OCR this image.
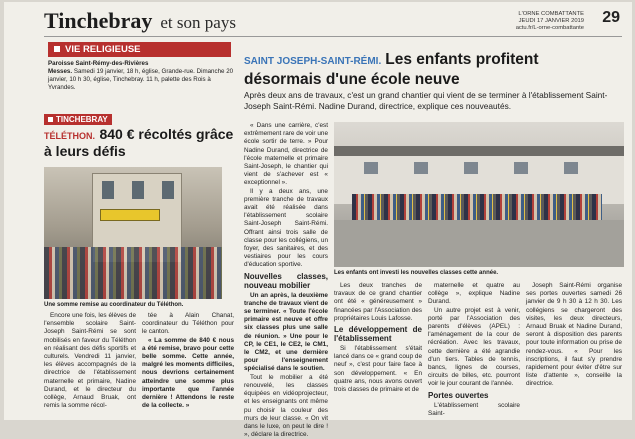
Tinchebray et son pays	L'ORNE COMBATTANTE
JEUDI 17 JANVIER 2019
actu.fr/L-orne-combattante
29
VIE RELIGIEUSE
Paroisse Saint-Rémy-des-Rivières
Messes. Samedi 19 janvier, 18 h, église, Grande-rue. Dimanche 20 janvier, 10 h 30, église, Tinchebray. 11 h, palette des Rois à Yvrandes.
TINCHEBRAY
TÉLÉTHON. 840 € récoltés grâce à leurs défis
Une somme remise au coordinateur du Téléthon.

Encore une fois, les élèves de l'ensemble scolaire Saint-Joseph Saint-Rémi se sont mobilisés en faveur du Téléthon en réalisant des défis sportifs et culturels. Vendredi 11 janvier, les élèves accompagnés de la directrice de l'établissement maternelle et primaire, Nadine Durand, et le directeur du collège, Arnaud Bruak, ont remis la somme récol-

tée à Alain Chanat, coordinateur du Téléthon pour le canton.

« La somme de 840 € nous a été remise, bravo pour cette belle somme. Cette année, malgré les moments difficiles, nous devrions certainement atteindre une somme plus importante que l'année dernière ! Attendons le reste de la collecte. »

SAINT JOSEPH-SAINT-RÉMI. Les enfants profitent désormais d'une école neuve
Après deux ans de travaux, c'est un grand chantier qui vient de se terminer à l'établissement Saint-Joseph Saint-Rémi. Nadine Durand, directrice, explique ces nouveautés.

« Dans une carrière, c'est extrêmement rare de voir une école sortir de terre. » Pour Nadine Durand, directrice de l'école maternelle et primaire Saint-Joseph, le chantier qui vient de s'achever est « exceptionnel ».

Il y a deux ans, une première tranche de travaux avait été réalisée dans l'établissement scolaire Saint-Joseph Saint-Rémi. Offrant ainsi trois salle de classe pour les collégiens, un foyer, des sanitaires, et des vestiaires pour les cours d'éducation sportive.

Nouvelles classes, nouveau mobilier

Un an après, la deuxième tranche de travaux vient de se terminer. « Toute l'école primaire est neuve et offre six classes plus une salle de réunion. » Une pour le CP, le CE1, le CE2, le CM1, le CM2, et une dernière pour l'enseignement spécialisé dans le soutien.

Tout le mobilier a été renouvelé, les classes équipées en vidéoprojecteur, et les enseignants ont même pu choisir la couleur des murs de leur classe. « On vit dans le luxe, on peut le dire ! », déclare la directrice.

Les enfants ont investi les nouvelles classes cette année.

Les deux tranches de travaux de ce grand chantier ont été « généreusement » financées par l'Association des propriétaires Louis Lafosse.

Le développement de l'établissement

Si l'établissement s'était lancé dans ce « grand coup de neuf », c'est pour faire face à son développement. « En quatre ans, nous avons ouvert trois classes de primaire et de

maternelle et quatre au collège », explique Nadine Durand.

Un autre projet est à venir, porté par l'Association des parents d'élèves (APEL) : l'aménagement de la cour de récréation. Avec les travaux, cette dernière a été agrandie d'un tiers. Tables de tennis, bancs, lignes de courses, circuits de billes, etc. pourront voir le jour courant de l'année.

Portes ouvertes

L'établissement scolaire Saint-

Joseph Saint-Rémi organise ses portes ouvertes samedi 26 janvier de 9 h 30 à 12 h 30. Les collégiens se chargeront des visites, les deux directeurs, Arnaud Bruak et Nadine Durand, seront à disposition des parents pour toute information ou prise de rendez-vous. « Pour les inscriptions, il faut s'y prendre rapidement pour éviter d'être sur liste d'attente », conseille la directrice.
